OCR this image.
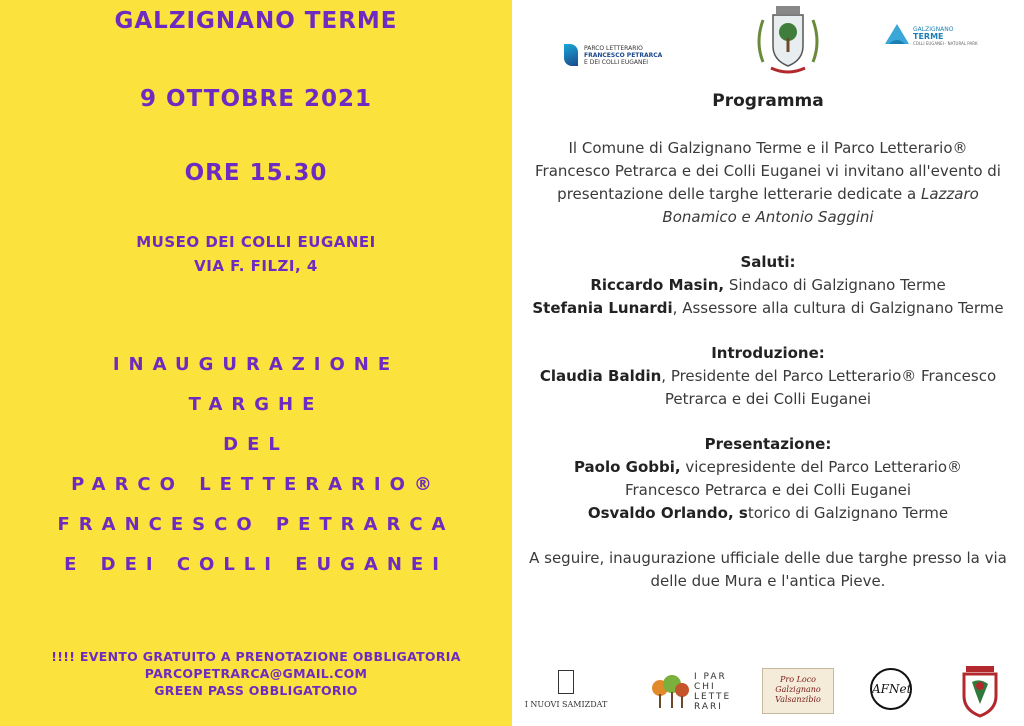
GALZIGNANO TERME
9 OTTOBRE 2021
ORE 15.30
MUSEO DEI COLLI EUGANEI
VIA F. FILZI, 4
INAUGURAZIONE
TARGHE
DEL
PARCO LETTERARIO®
FRANCESCO PETRARCA
E DEI COLLI EUGANEI
!!!! EVENTO GRATUITO A PRENOTAZIONE OBBLIGATORIA
PARCOPETRARCA@GMAIL.COM
GREEN PASS OBBLIGATORIO
PARCO LETTERARIO
FRANCESCO PETRARCA
E DEI COLLI EUGANEI
GALZIGNANO
TERME
COLLI EUGANEI · NATURAL PARK
Programma

Il Comune di Galzignano Terme e il Parco Letterario® Francesco Petrarca e dei Colli Euganei vi invitano all'evento di presentazione delle targhe letterarie dedicate a Lazzaro Bonamico e Antonio Saggini

Saluti:

Riccardo Masin, Sindaco di Galzignano Terme

Stefania Lunardi, Assessore alla cultura di Galzignano Terme

Introduzione:

Claudia Baldin, Presidente del Parco Letterario® Francesco Petrarca e dei Colli Euganei

Presentazione:

Paolo Gobbi, vicepresidente del Parco Letterario® Francesco Petrarca e dei Colli Euganei

Osvaldo Orlando, storico di Galzignano Terme

A seguire, inaugurazione ufficiale delle due targhe presso la via delle due Mura e l'antica Pieve.

I NUOVI SAMIZDAT
I PAR
CHI
LETTE
RARI
Pro Loco
Galzignano
Valsanzibio
AFNet
